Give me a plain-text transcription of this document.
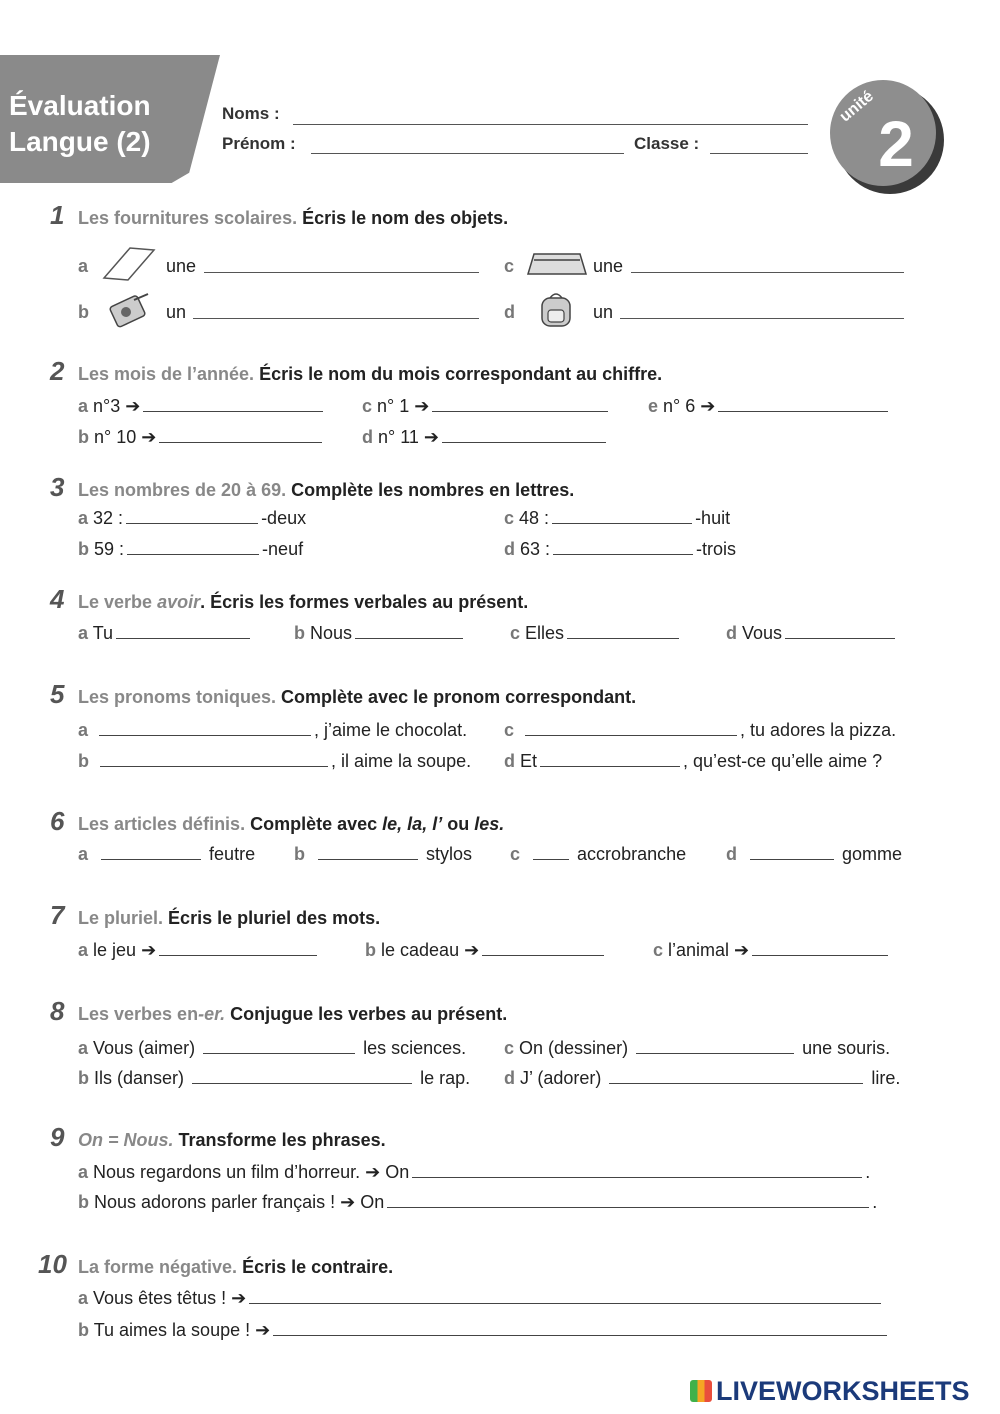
Évaluation
Langue (2)
Noms :
Prénom :	Classe :
unité
2
1 Les fournitures scolaires. Écris le nom des objets.
a	une
b	un
c	une
d	un
2 Les mois de l’année. Écris le nom du mois correspondant au chiffre.
a n°3 ➔
b n° 10 ➔
c n° 1 ➔
d n° 11 ➔
e n° 6 ➔
3 Les nombres de 20 à 69. Complète les nombres en lettres.
a 32 :	-deux
b 59 :	-neuf
c 48 :	-huit
d 63 :	-trois
4 Le verbe avoir. Écris les formes verbales au présent.
a Tu	b Nous	c Elles	d Vous
5 Les pronoms toniques. Complète avec le pronom correspondant.
a	, j’aime le chocolat.
b	, il aime la soupe.
c	, tu adores la pizza.
d Et	, qu’est-ce qu’elle aime ?
6 Les articles définis. Complète avec le, la, l’ ou les.
a	feutre b	stylos c	accrobranche d	gomme
7 Le pluriel. Écris le pluriel des mots.
a le jeu ➔	b le cadeau ➔	c l’animal ➔
8 Les verbes en-er. Conjugue les verbes au présent.
a Vous (aimer)	les sciences.
b Ils (danser)	le rap.
c On (dessiner)	une souris.
d J’ (adorer)	lire.
9 On = Nous. Transforme les phrases.
a Nous regardons un film d’horreur. ➔ On	.
b Nous adorons parler français ! ➔ On	.
10 La forme négative. Écris le contraire.
a Vous êtes têtus ! ➔
b Tu aimes la soupe ! ➔
LIVEWORKSHEETS
